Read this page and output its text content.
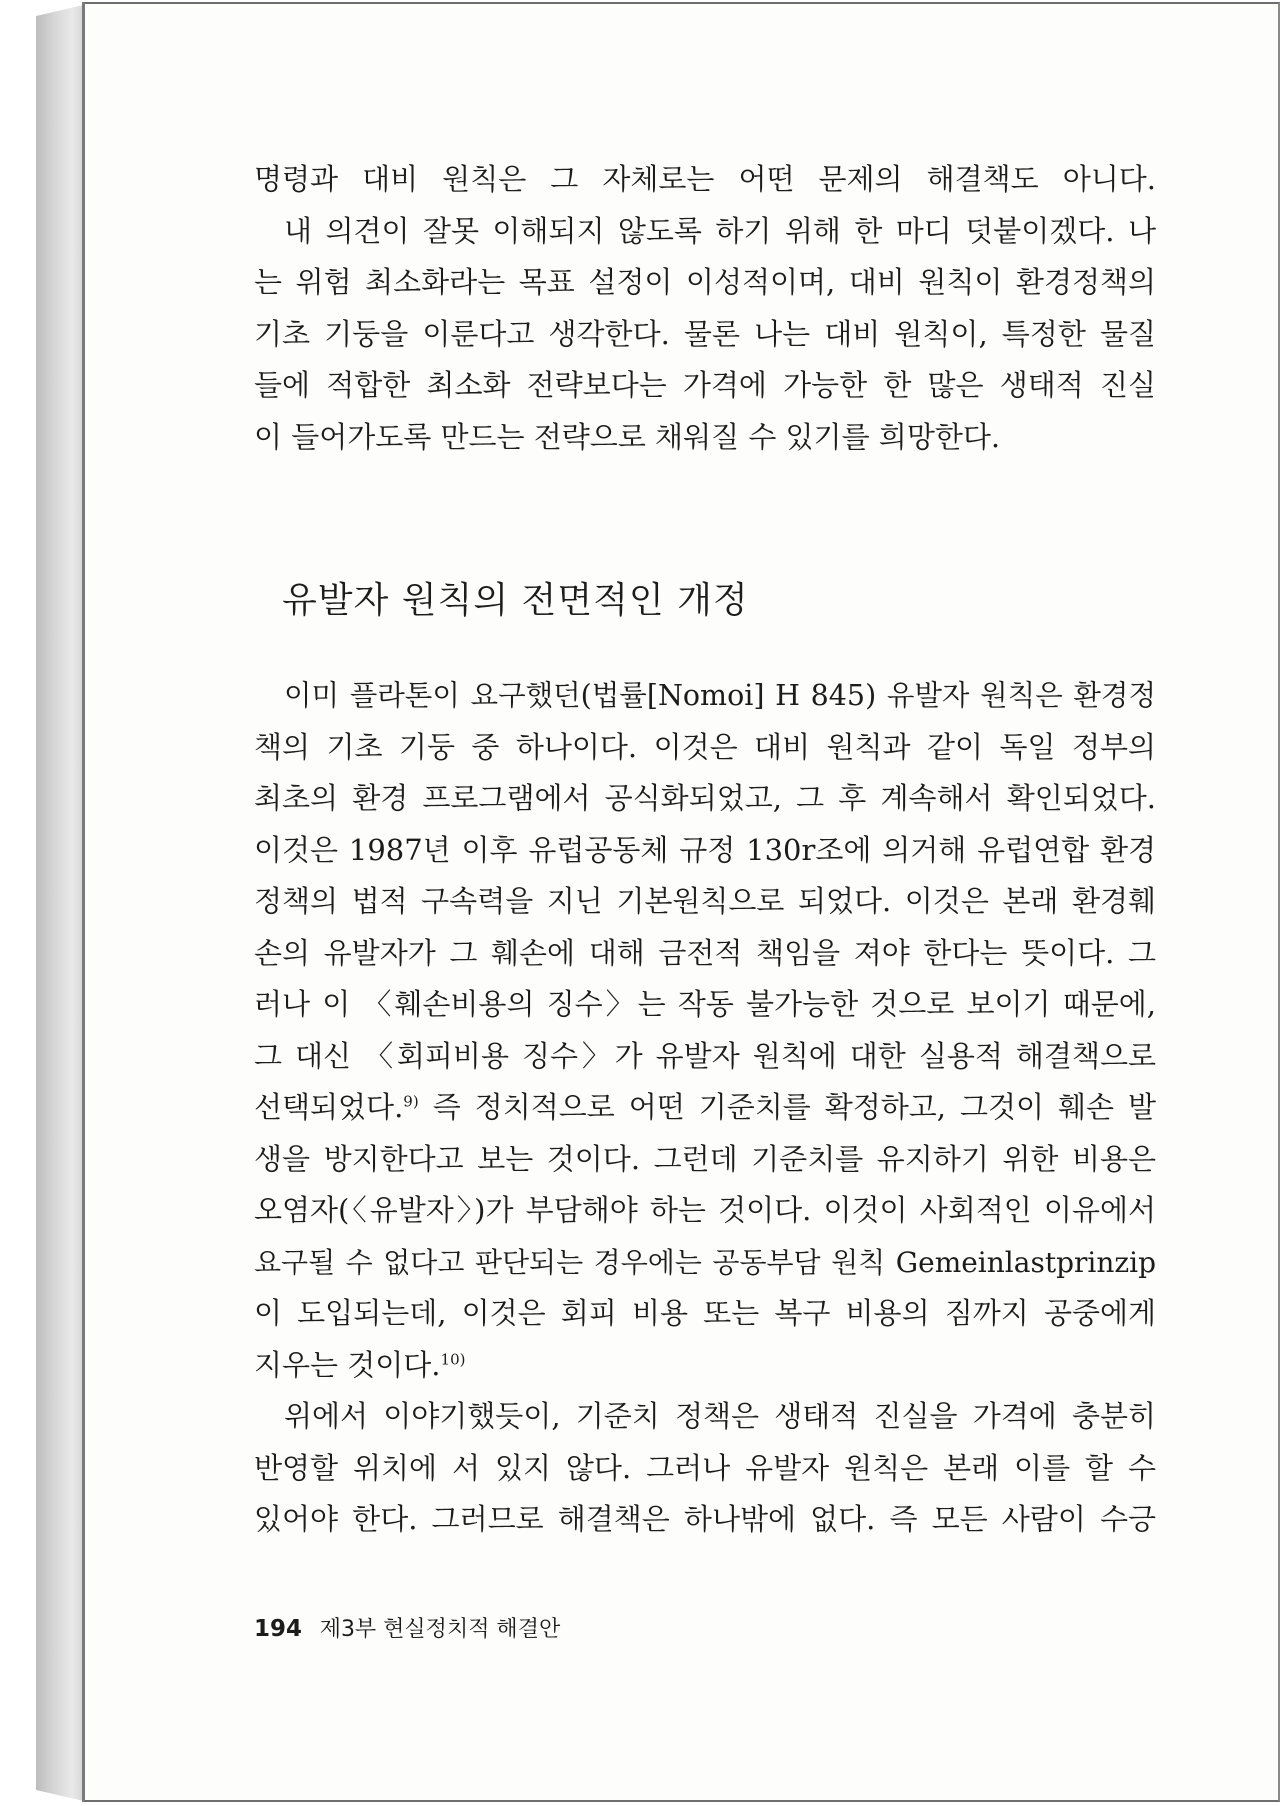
명령과 대비 원칙은 그 자체로는 어떤 문제의 해결책도 아니다.
내 의견이 잘못 이해되지 않도록 하기 위해 한 마디 덧붙이겠다. 나
는 위험 최소화라는 목표 설정이 이성적이며, 대비 원칙이 환경정책의
기초 기둥을 이룬다고 생각한다. 물론 나는 대비 원칙이, 특정한 물질
들에 적합한 최소화 전략보다는 가격에 가능한 한 많은 생태적 진실
이 들어가도록 만드는 전략으로 채워질 수 있기를 희망한다.
유발자 원칙의 전면적인 개정
이미 플라톤이 요구했던(법률[Nomoi] H 845) 유발자 원칙은 환경정
책의 기초 기둥 중 하나이다. 이것은 대비 원칙과 같이 독일 정부의
최초의 환경 프로그램에서 공식화되었고, 그 후 계속해서 확인되었다.
이것은 1987년 이후 유럽공동체 규정 130r조에 의거해 유럽연합 환경
정책의 법적 구속력을 지닌 기본원칙으로 되었다. 이것은 본래 환경훼
손의 유발자가 그 훼손에 대해 금전적 책임을 져야 한다는 뜻이다. 그
러나 이 〈훼손비용의 징수〉는 작동 불가능한 것으로 보이기 때문에,
그 대신 〈회피비용 징수〉가 유발자 원칙에 대한 실용적 해결책으로
선택되었다.$^{9)}$ 즉 정치적으로 어떤 기준치를 확정하고, 그것이 훼손 발
생을 방지한다고 보는 것이다. 그런데 기준치를 유지하기 위한 비용은
오염자(〈유발자〉)가 부담해야 하는 것이다. 이것이 사회적인 이유에서
요구될 수 없다고 판단되는 경우에는 공동부담 원칙 Gemeinlastprinzip
이 도입되는데, 이것은 회피 비용 또는 복구 비용의 짐까지 공중에게
지우는 것이다.$^{10)}$
위에서 이야기했듯이, 기준치 정책은 생태적 진실을 가격에 충분히
반영할 위치에 서 있지 않다. 그러나 유발자 원칙은 본래 이를 할 수
있어야 한다. 그러므로 해결책은 하나밖에 없다. 즉 모든 사람이 수긍
194 제3부 현실정치적 해결안
